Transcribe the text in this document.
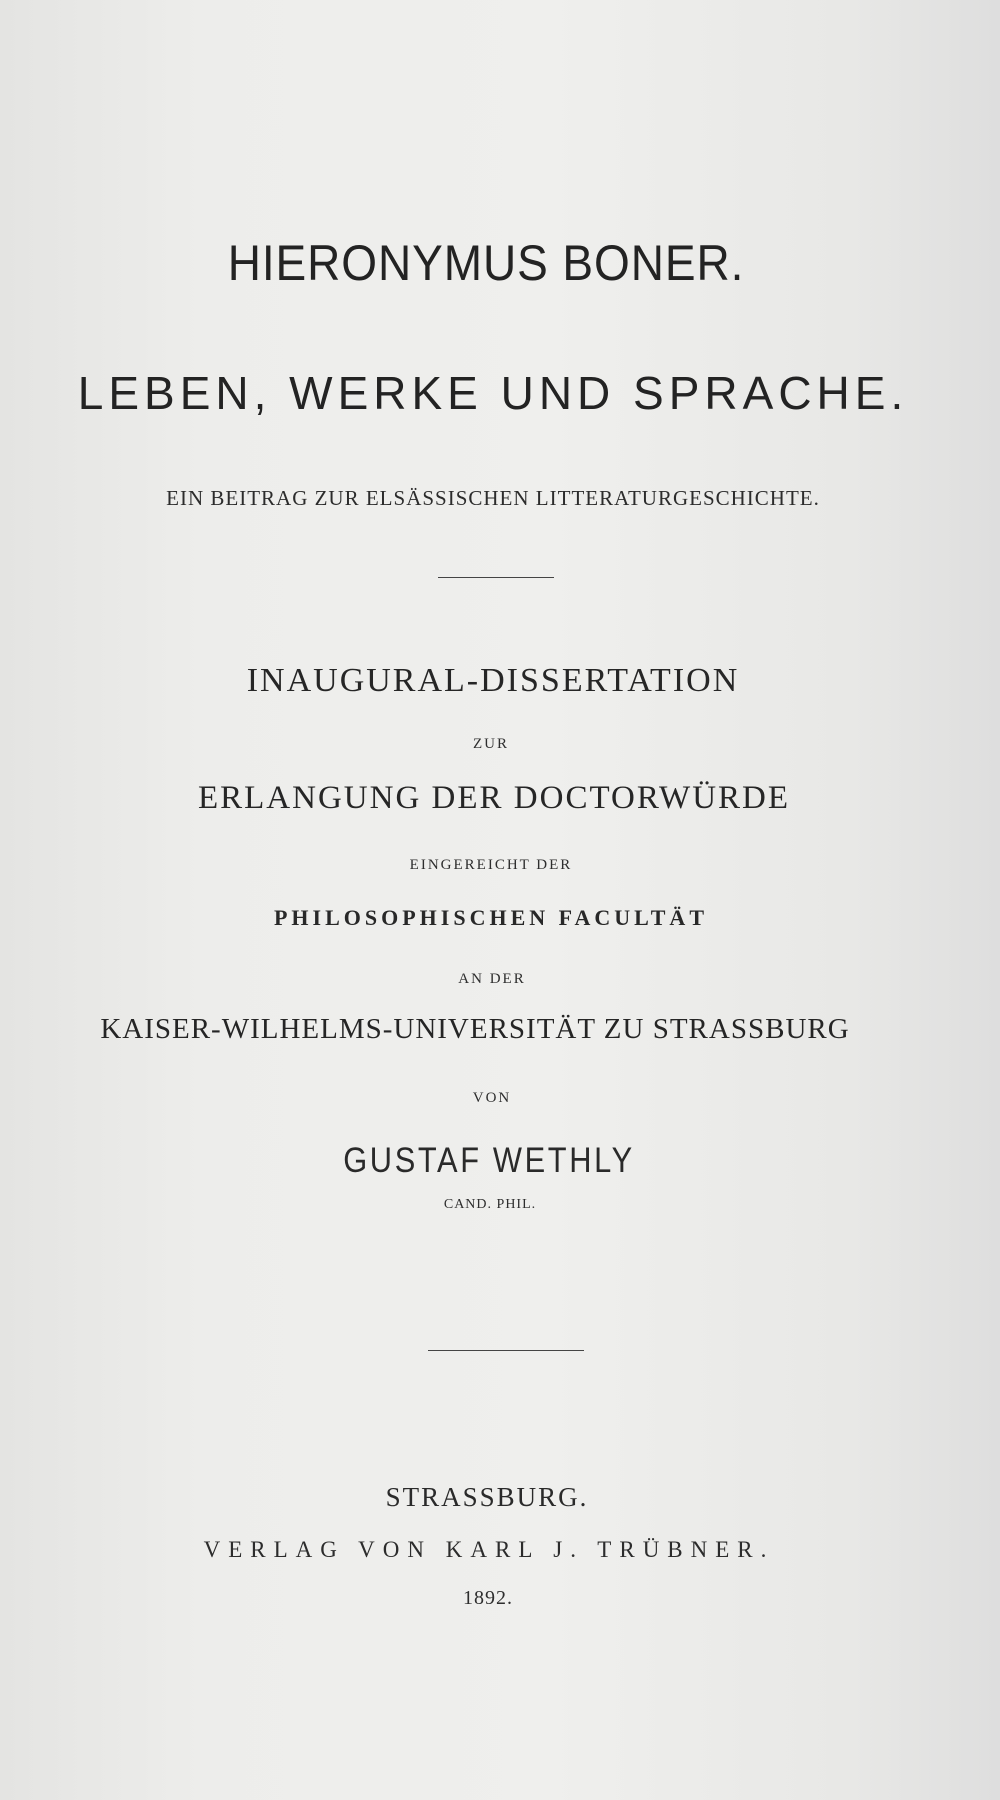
HIERONYMUS BONER.
LEBEN, WERKE UND SPRACHE.
EIN BEITRAG ZUR ELSÄSSISCHEN LITTERATURGESCHICHTE.
INAUGURAL-DISSERTATION
ZUR
ERLANGUNG DER DOCTORWÜRDE
EINGEREICHT DER
PHILOSOPHISCHEN FACULTÄT
AN DER
KAISER-WILHELMS-UNIVERSITÄT ZU STRASSBURG
VON
GUSTAF WETHLY
CAND. PHIL.
STRASSBURG.
VERLAG VON KARL J. TRÜBNER.
1892.
